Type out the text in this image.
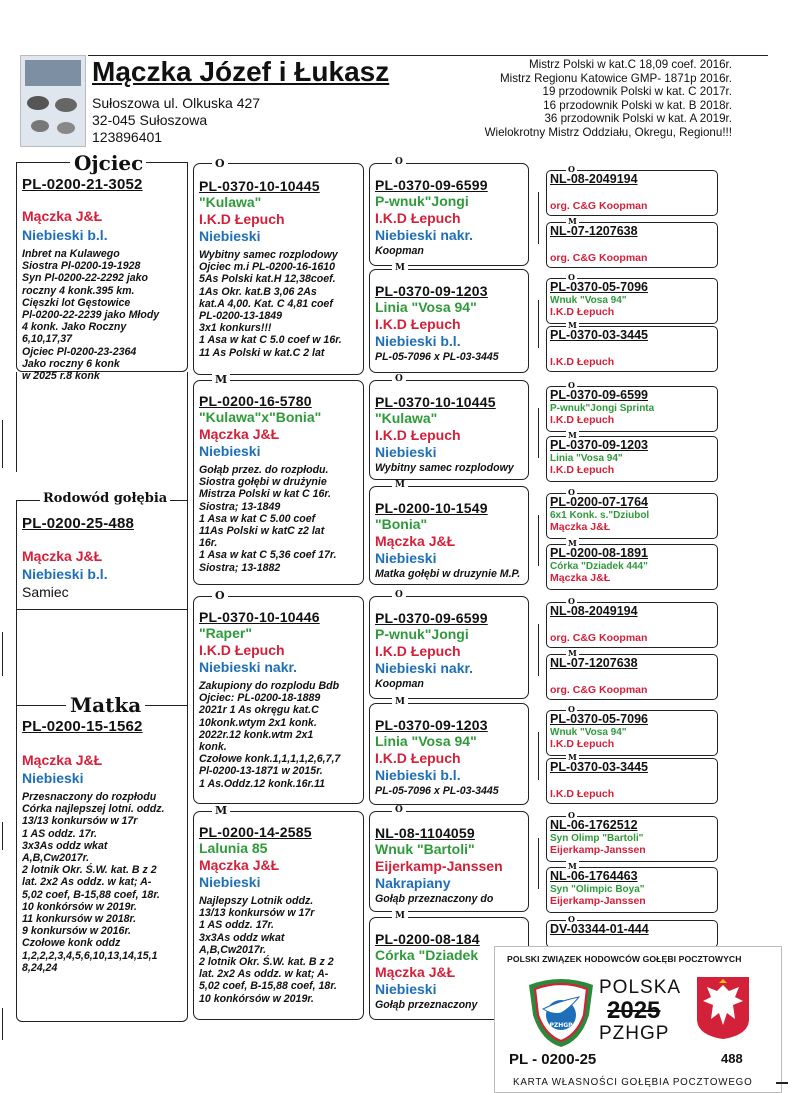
Mączka Józef i Łukasz
Sułoszowa ul. Olkuska 427
32-045 Sułoszowa
123896401
Mistrz Polski w kat.C 18,09 coef. 2016r.
Mistrz Regionu Katowice GMP- 1871p 2016r.
19 przodownik Polski w kat. C 2017r.
16 przodownik Polski w kat. B 2018r.
36 przodownik Polski w kat. A 2019r.
Wielokrotny Mistrz Oddziału, Okregu, Regionu!!!
Ojciec
PL-0200-21-3052
Mączka J&Ł
Niebieski b.l.
Inbret na Kulawego
Siostra Pl-0200-19-1928
Syn Pl-0200-22-2292 jako
roczny 4 konk.395 km.
Cięszki lot Gęstowice
Pl-0200-22-2239 jako Młody
4 konk. Jako Roczny
6,10,17,37
Ojciec Pl-0200-23-2364
Jako roczny 6 konk
w 2025 r.8 konk
Rodowód gołębia
PL-0200-25-488
Mączka J&Ł
Niebieski b.l.
Samiec
Matka
PL-0200-15-1562
Mączka J&Ł
Niebieski
Przesnaczony do rozpłodu
Córka najlepszej lotni. oddz.
13/13 konkursów w 17r
1 AS oddz. 17r.
3x3As oddz wkat
A,B,Cw2017r.
2 lotnik Okr. Ś.W. kat. B z 2
lat. 2x2 As oddz. w kat; A-
5,02 coef, B-15,88 coef, 18r.
10 konkórsów w 2019r.
11 konkursów w 2018r.
9 konkursów w 2016r.
Czołowe konk oddz
1,2,2,2,3,4,5,6,10,13,14,15,1
8,24,24
O
PL-0370-10-10445
"Kulawa"
I.K.D Łepuch
Niebieski
Wybitny samec rozplodowy
Ojciec m.i PL-0200-16-1610
5As Polski kat.H 12,38coef.
1As Okr. kat.B 3,06 2As
kat.A 4,00. Kat. C 4,81 coef
PL-0200-13-1849
3x1 konkurs!!!
1 Asa w kat C 5.0 coef w 16r.
11 As Polski w kat.C 2 lat
M
PL-0200-16-5780
"Kulawa"x"Bonia"
Mączka J&Ł
Niebieski
Gołąb przez. do rozpłodu.
Siostra gołębi w drużynie
Mistrza Polski w kat C 16r.
Siostra; 13-1849
1 Asa w kat C 5.00 coef
11As Polski w katC z2 lat
16r.
1 Asa w kat C 5,36 coef 17r.
Siostra; 13-1882
O
PL-0370-10-10446
"Raper"
I.K.D Łepuch
Niebieski nakr.
Zakupiony do rozplodu Bdb
Ojciec: PL-0200-18-1889
2021r 1 As okręgu kat.C
10konk.wtym 2x1 konk.
2022r.12 konk.wtm 2x1
konk.
Czołowe konk.1,1,1,1,2,6,7,7
Pl-0200-13-1871 w 2015r.
1 As.Oddz.12 konk.16r.11
M
PL-0200-14-2585
Lalunia 85
Mączka J&Ł
Niebieski
Najlepszy Lotnik oddz.
13/13 konkursów w 17r
1 AS oddz. 17r.
3x3As oddz wkat
A,B,Cw2017r.
2 lotnik Okr. Ś.W. kat. B z 2
lat. 2x2 As oddz. w kat; A-
5,02 coef, B-15,88 coef, 18r.
10 konkórsów w 2019r.
O
PL-0370-09-6599
P-wnuk"Jongi
I.K.D Łepuch
Niebieski nakr.
Koopman
M
PL-0370-09-1203
Linia "Vosa 94"
I.K.D Łepuch
Niebieski b.l.
PL-05-7096 x PL-03-3445
O
PL-0370-10-10445
"Kulawa"
I.K.D Łepuch
Niebieski
Wybitny samec rozplodowy
M
PL-0200-10-1549
"Bonia"
Mączka J&Ł
Niebieski
Matka gołębi w druzynie M.P.
O
PL-0370-09-6599
P-wnuk"Jongi
I.K.D Łepuch
Niebieski nakr.
Koopman
M
PL-0370-09-1203
Linia "Vosa 94"
I.K.D Łepuch
Niebieski b.l.
PL-05-7096 x PL-03-3445
O
NL-08-1104059
Wnuk "Bartoli"
Eijerkamp-Janssen
Nakrapiany
Gołąb przeznaczony do
M
PL-0200-08-184
Córka "Dziadek
Mączka J&Ł
Niebieski
Gołąb przeznaczony
O
NL-08-2049194
org. C&G Koopman
M
NL-07-1207638
org. C&G Koopman
O
PL-0370-05-7096
Wnuk "Vosa 94"
I.K.D Łepuch
M
PL-0370-03-3445
I.K.D Łepuch
O
PL-0370-09-6599
P-wnuk"Jongi Sprinta
I.K.D Łepuch
M
PL-0370-09-1203
Linia "Vosa 94"
I.K.D Łepuch
O
PL-0200-07-1764
6x1 Konk. s."Dziubol
Mączka J&Ł
M
PL-0200-08-1891
Córka "Dziadek 444"
Mączka J&Ł
O
NL-08-2049194
org. C&G Koopman
M
NL-07-1207638
org. C&G Koopman
O
PL-0370-05-7096
Wnuk "Vosa 94"
I.K.D Łepuch
M
PL-0370-03-3445
I.K.D Łepuch
O
NL-06-1762512
Syn Olimp "Bartoli"
Eijerkamp-Janssen
M
NL-06-1764463
Syn "Olimpic Boya"
Eijerkamp-Janssen
O
DV-03344-01-444
POLSKI ZWIĄZEK HODOWCÓW GOŁĘBI POCZTOWYCH
PZHGP
POLSKA
2025
PZHGP
PL - 0200-25	488
KARTA WŁASNOŚCI GOŁĘBIA POCZTOWEGO
